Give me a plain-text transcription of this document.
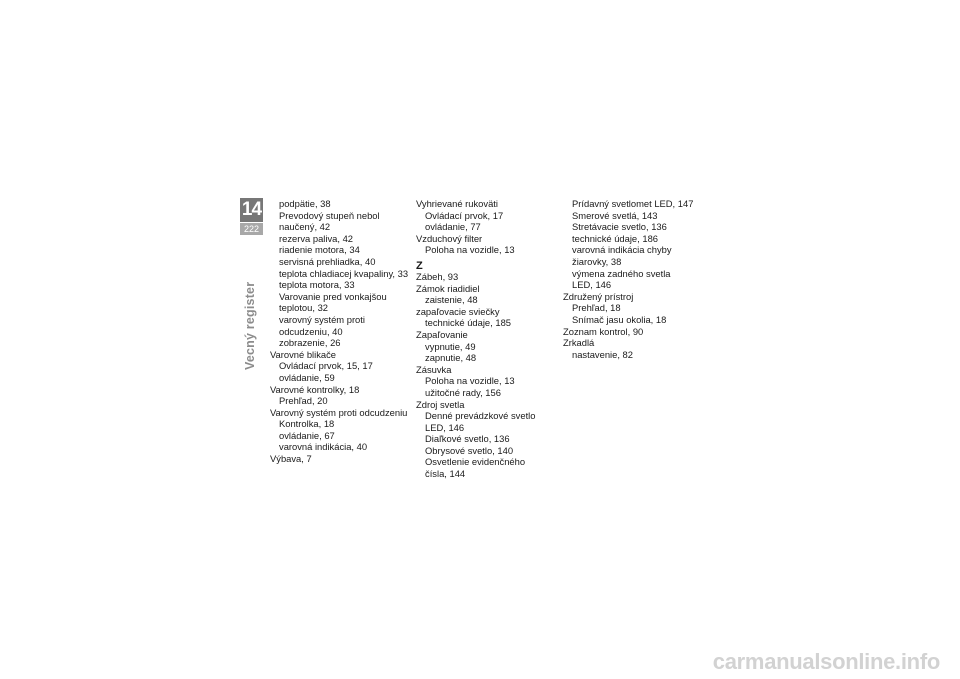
14
222
Vecný register
podpätie, 38
Prevodový stupeň nebol
naučený, 42
rezerva paliva, 42
riadenie motora, 34
servisná prehliadka, 40
teplota chladiacej kvapaliny, 33
teplota motora, 33
Varovanie pred vonkajšou
teplotou, 32
varovný systém proti
odcudzeniu, 40
zobrazenie, 26
Varovné blikače
Ovládací prvok, 15, 17
ovládanie, 59
Varovné kontrolky, 18
Prehľad, 20
Varovný systém proti odcudzeniu
Kontrolka, 18
ovládanie, 67
varovná indikácia, 40
Výbava, 7
Vyhrievané rukoväti
Ovládací prvok, 17
ovládanie, 77
Vzduchový filter
Poloha na vozidle, 13
Z
Zábeh, 93
Zámok riadidiel
zaistenie, 48
zapaľovacie sviečky
technické údaje, 185
Zapaľovanie
vypnutie, 49
zapnutie, 48
Zásuvka
Poloha na vozidle, 13
užitočné rady, 156
Zdroj svetla
Denné prevádzkové svetlo
LED, 146
Diaľkové svetlo, 136
Obrysové svetlo, 140
Osvetlenie evidenčného
čísla, 144
Prídavný svetlomet LED, 147
Smerové svetlá, 143
Stretávacie svetlo, 136
technické údaje, 186
varovná indikácia chyby
žiarovky, 38
výmena zadného svetla
LED, 146
Združený prístroj
Prehľad, 18
Snímač jasu okolia, 18
Zoznam kontrol, 90
Zrkadlá
nastavenie, 82
carmanualsonline.info
